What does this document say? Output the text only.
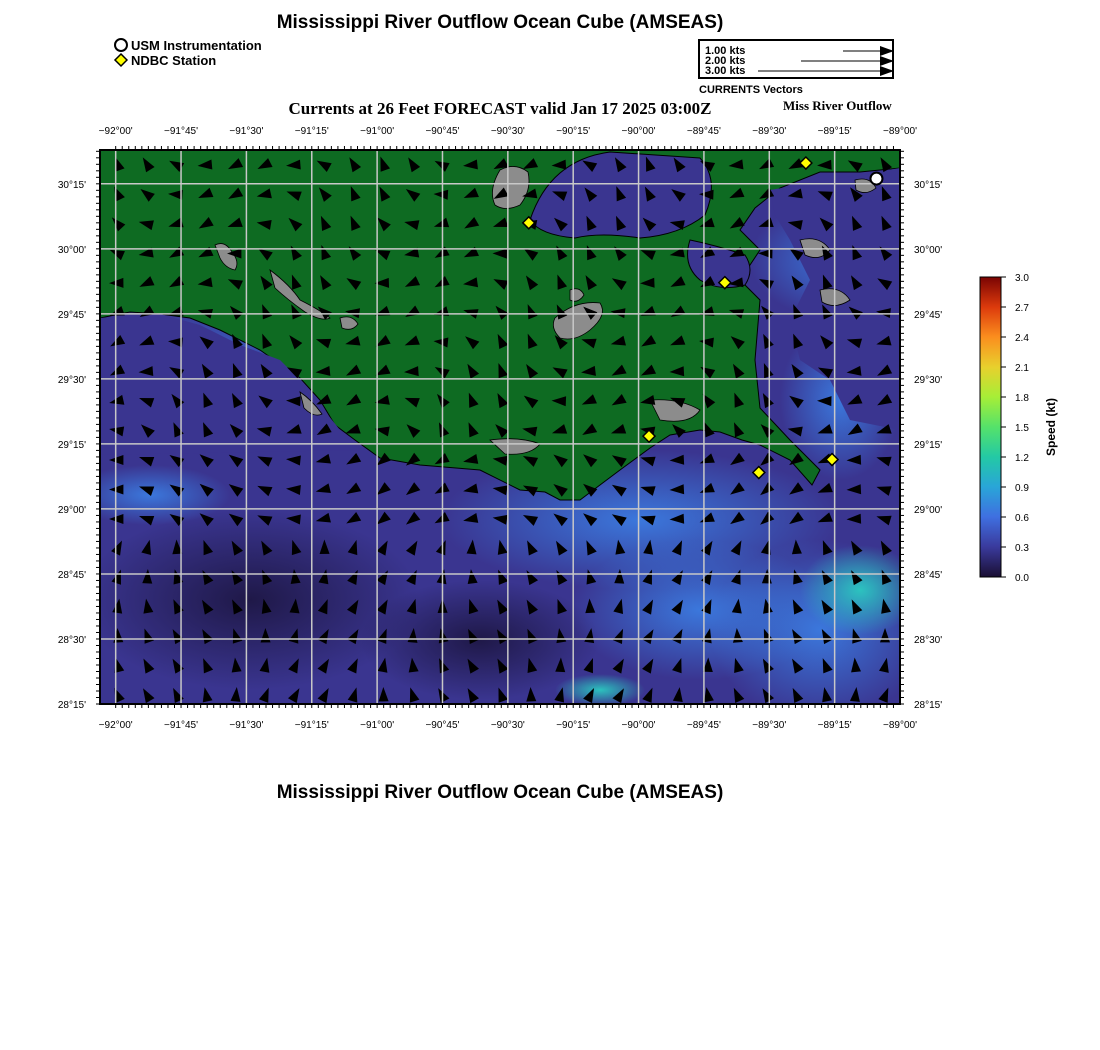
Mississippi River Outflow Ocean Cube (AMSEAS)
USM Instrumentation
NDBC Station
1.00 kts
2.00 kts
3.00 kts
CURRENTS Vectors
Currents at 26 Feet FORECAST valid Jan 17 2025 03:00Z	Miss River Outflow
−92°00'	−91°45'	−91°30'	−91°15'	−91°00'	−90°45'	−90°30'	−90°15'	−90°00'	−89°45'	−89°30'	−89°15'	−89°00'
−92°00'	−91°45'	−91°30'	−91°15'	−91°00'	−90°45'	−90°30'	−90°15'	−90°00'	−89°45'	−89°30'	−89°15'	−89°00'
30°15'
30°00'
29°45'
29°30'
29°15'
29°00'
28°45'
28°30'
28°15'
30°15'
30°00'
29°45'
29°30'
29°15'
29°00'
28°45'
28°30'
28°15'
3.0
2.7
2.4
2.1
1.8
1.5
1.2
0.9
0.6
0.3
0.0
Speed (kt)
Mississippi River Outflow Ocean Cube (AMSEAS)
